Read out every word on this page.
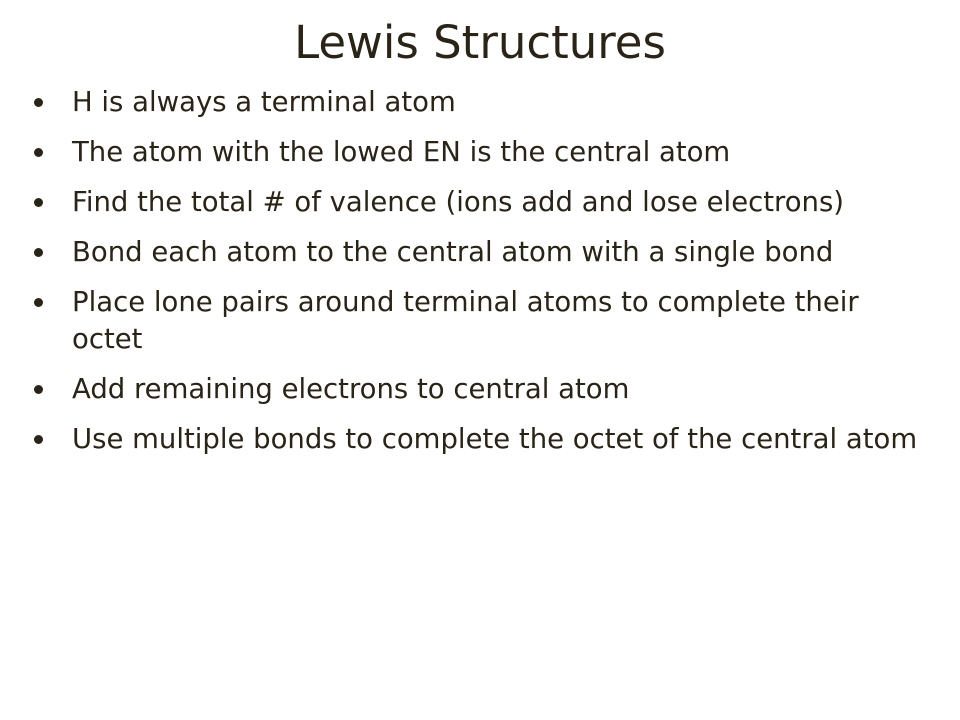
Lewis Structures
H is always a terminal atom
The atom with the lowed EN is the central atom
Find the total # of valence (ions add and lose electrons)
Bond each atom to the central atom with a single bond
Place lone pairs around terminal atoms to complete their octet
Add remaining electrons to central atom
Use multiple bonds to complete the octet of the central atom
